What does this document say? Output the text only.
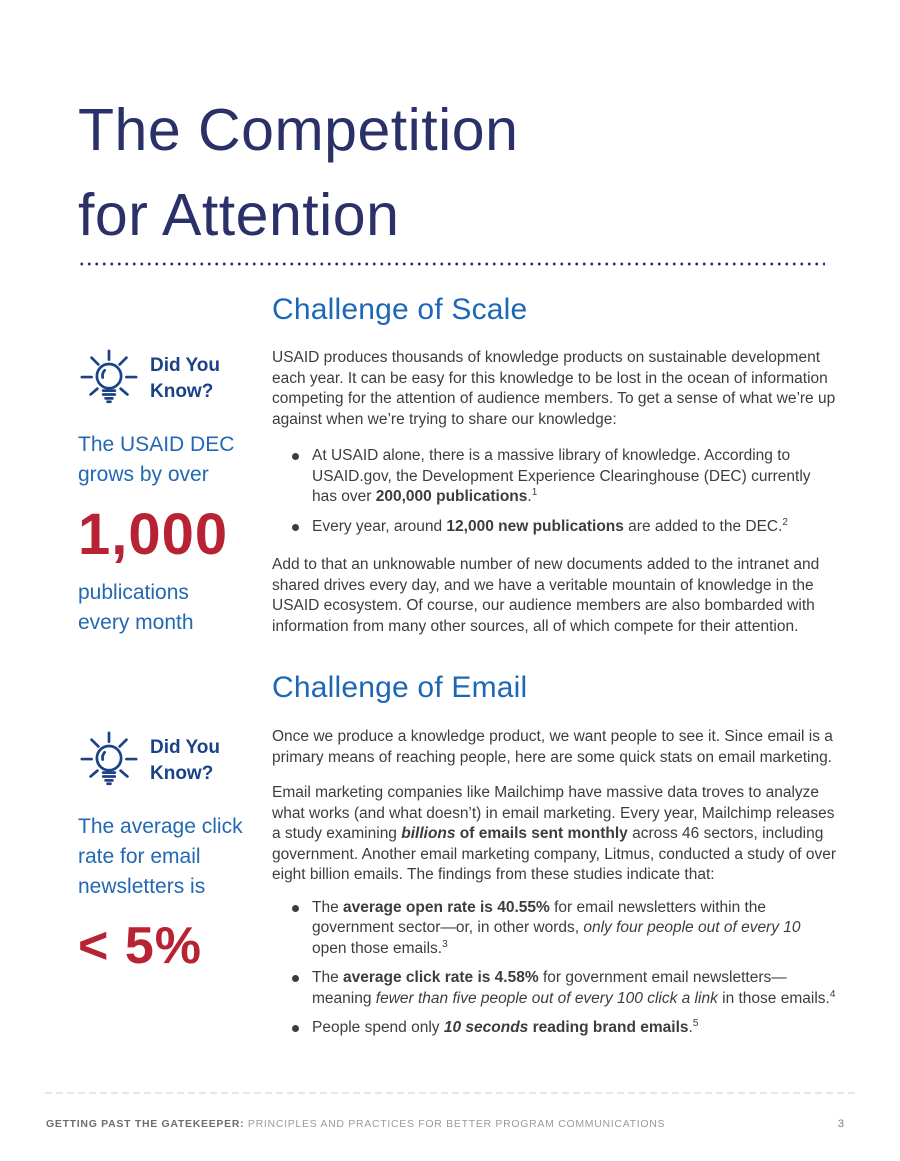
The Competition
for Attention
Did You
Know?

The USAID DEC
grows by over

1,000

publications
every month

Did You
Know?

The average click
rate for email
newsletters is

< 5%
Challenge of Scale

USAID produces thousands of knowledge products on sustainable development each year. It can be easy for this knowledge to be lost in the ocean of information competing for the attention of audience members. To get a sense of what we’re up against when we’re trying to share our knowledge:

At USAID alone, there is a massive library of knowledge. According to USAID.gov, the Development Experience Clearinghouse (DEC) currently has over 200,000 publications.$^1$
Every year, around 12,000 new publications are added to the DEC.$^2$

Add to that an unknowable number of new documents added to the intranet and shared drives every day, and we have a veritable mountain of knowledge in the USAID ecosystem. Of course, our audience members are also bombarded with information from many other sources, all of which compete for their attention.

Challenge of Email

Once we produce a knowledge product, we want people to see it. Since email is a primary means of reaching people, here are some quick stats on email marketing.

Email marketing companies like Mailchimp have massive data troves to analyze what works (and what doesn’t) in email marketing. Every year, Mailchimp releases a study examining billions of emails sent monthly across 46 sectors, including government. Another email marketing company, Litmus, conducted a study of over eight billion emails. The findings from these studies indicate that:

The average open rate is 40.55% for email newsletters within the government sector—or, in other words, only four people out of every 10 open those emails.$^3$
The average click rate is 4.58% for government email newsletters—meaning fewer than five people out of every 100 click a link in those emails.$^4$
People spend only 10 seconds reading brand emails.$^5$
GETTING PAST THE GATEKEEPER: PRINCIPLES AND PRACTICES FOR BETTER PROGRAM COMMUNICATIONS	3
